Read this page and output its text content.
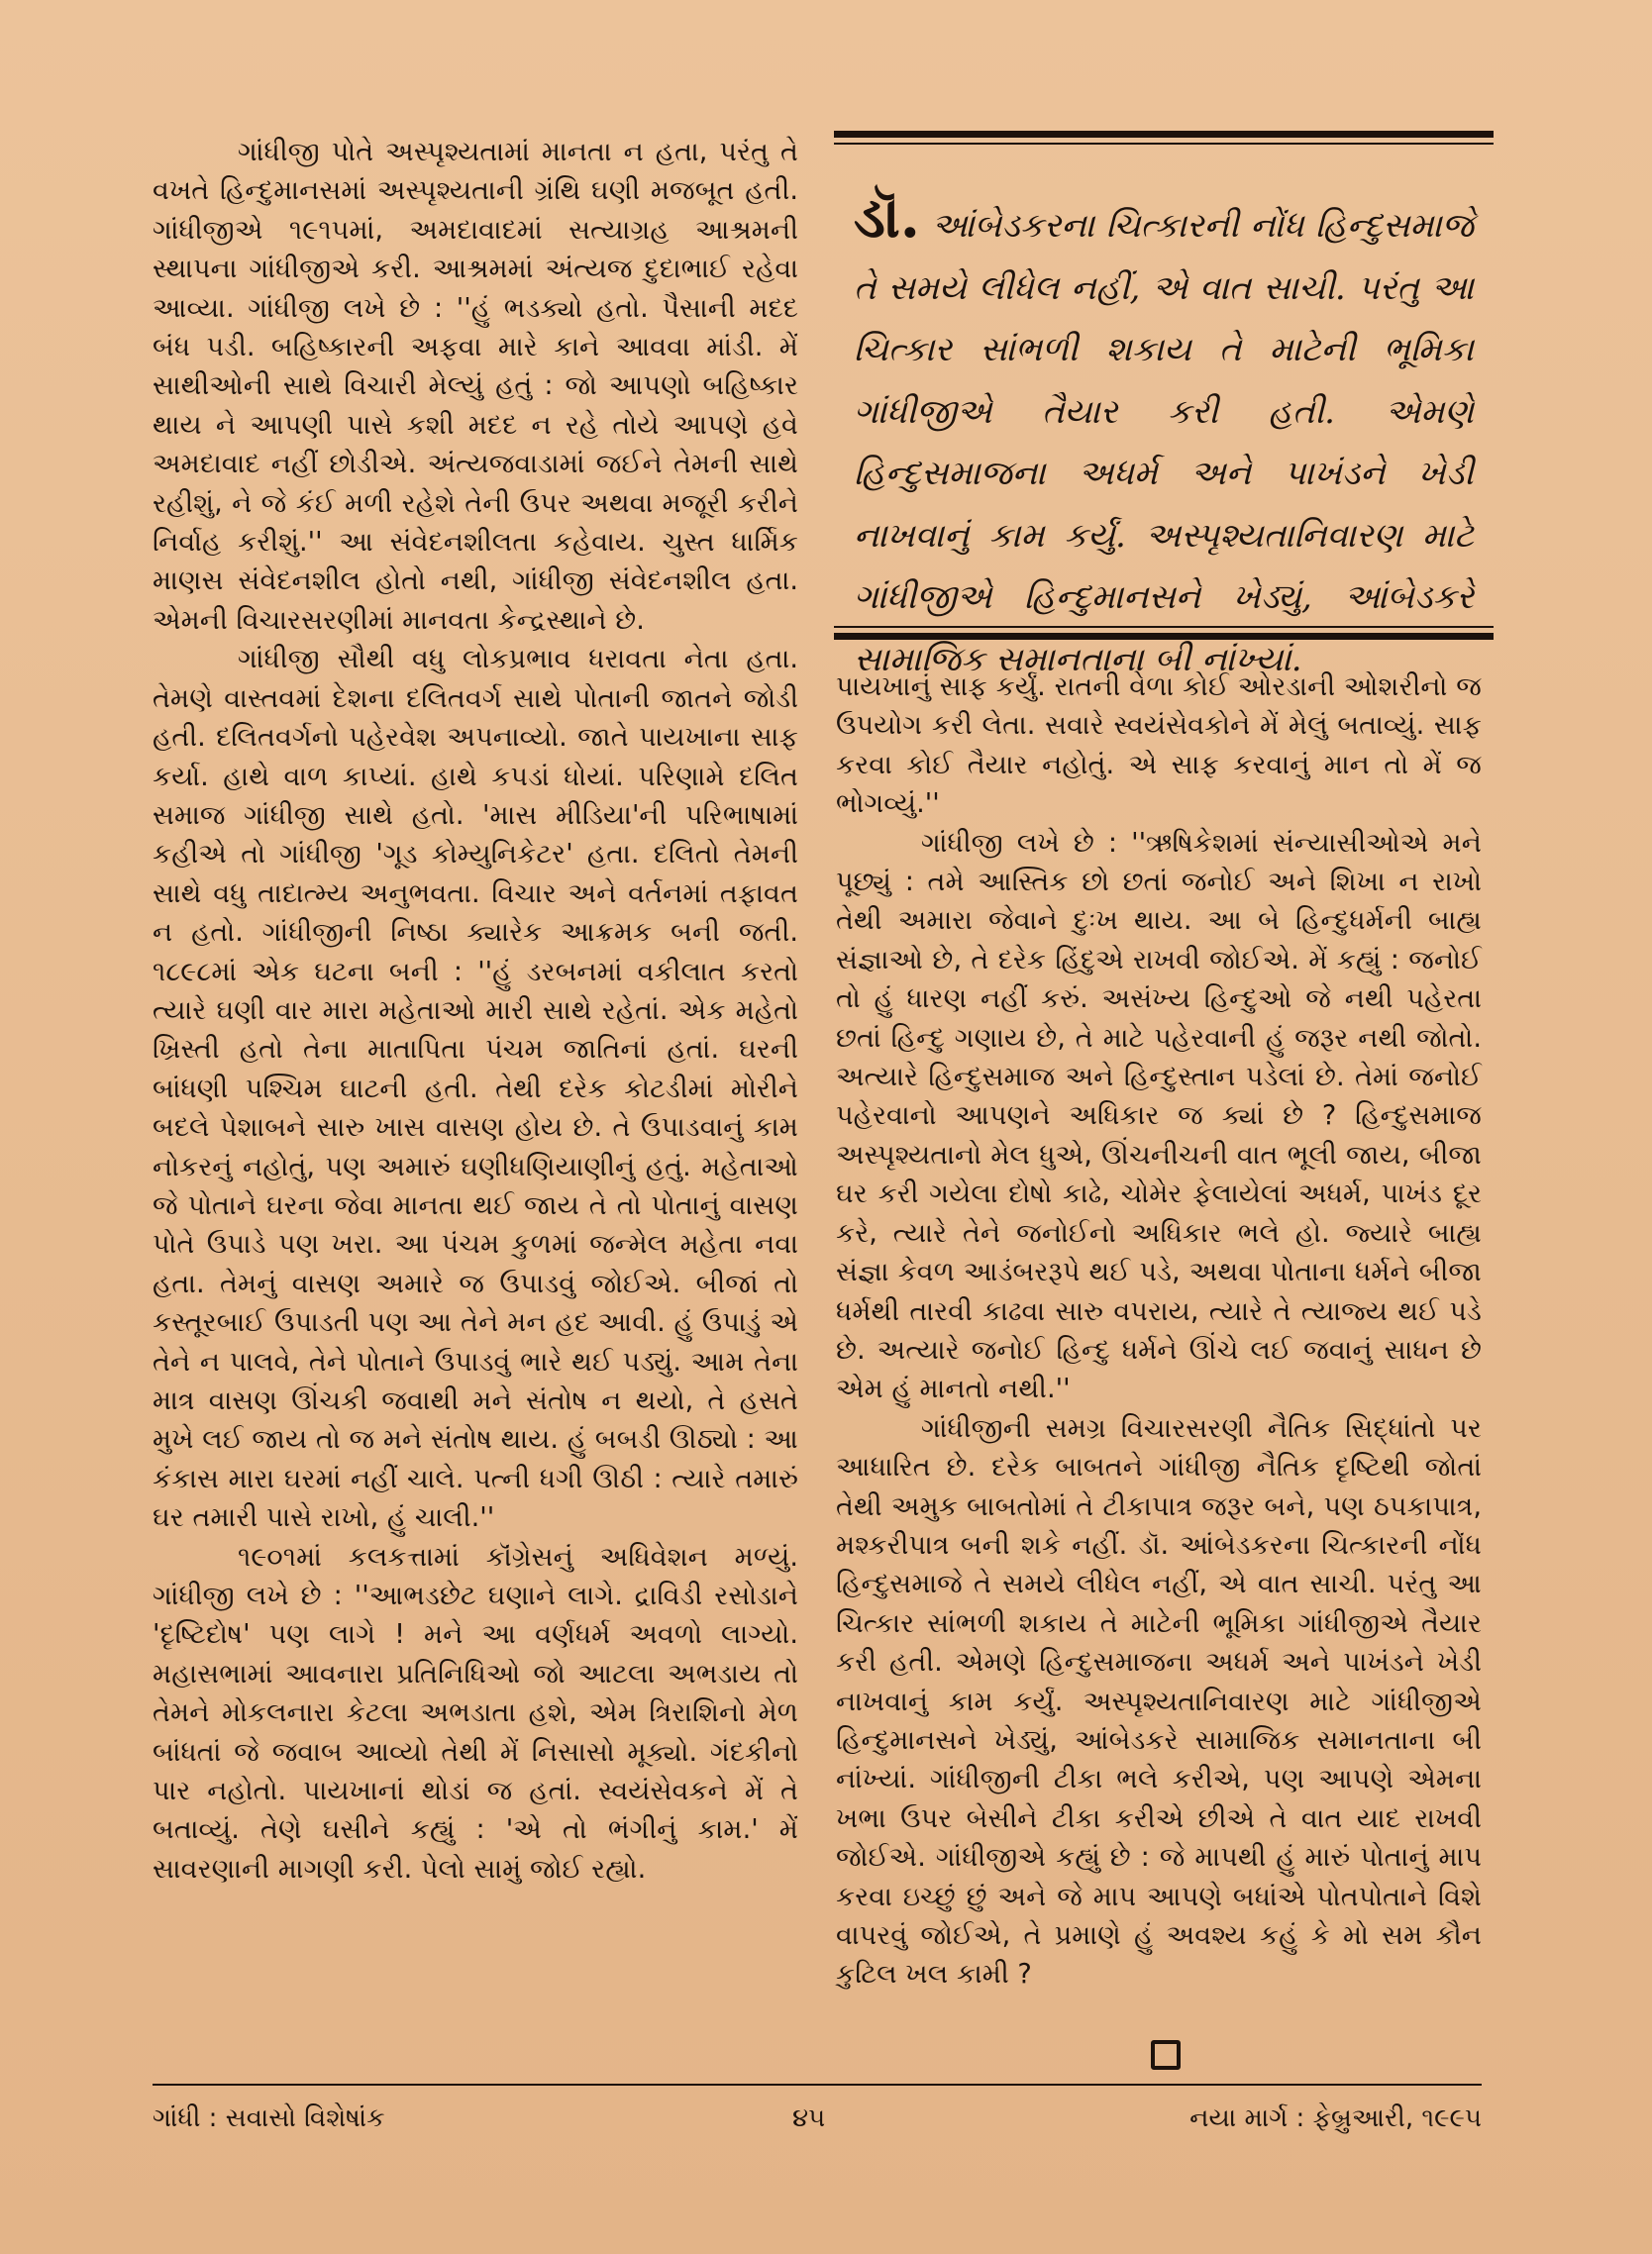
ગાંધીજી પોતે અસ્પૃશ્યતામાં માનતા ન હતા, પરંતુ તે વખતે હિન્દુમાનસમાં અસ્પૃશ્યતાની ગ્રંથિ ઘણી મજબૂત હતી. ગાંધીજીએ ૧૯૧૫માં, અમદાવાદમાં સત્યાગ્રહ આશ્રમની સ્થાપના ગાંધીજીએ કરી. આશ્રમમાં અંત્યજ દુદાભાઈ રહેવા આવ્યા. ગાંધીજી લખે છે : ''હું ભડક્યો હતો. પૈસાની મદદ બંધ પડી. બહિષ્કારની અફવા મારે કાને આવવા માંડી. મેં સાથીઓની સાથે વિચારી મેલ્યું હતું : જો આપણો બહિષ્કાર થાય ને આપણી પાસે કશી મદદ ન રહે તોયે આપણે હવે અમદાવાદ નહીં છોડીએ. અંત્યજવાડામાં જઈને તેમની સાથે રહીશું, ને જે કંઈ મળી રહેશે તેની ઉપર અથવા મજૂરી કરીને નિર્વાહ કરીશું.'' આ સંવેદનશીલતા કહેવાય. ચુસ્ત ધાર્મિક માણસ સંવેદનશીલ હોતો નથી, ગાંધીજી સંવેદનશીલ હતા. એમની વિચારસરણીમાં માનવતા કેન્દ્રસ્થાને છે.

ગાંધીજી સૌથી વધુ લોકપ્રભાવ ધરાવતા નેતા હતા. તેમણે વાસ્તવમાં દેશના દલિતવર્ગ સાથે પોતાની જાતને જોડી હતી. દલિતવર્ગનો પહેરવેશ અપનાવ્યો. જાતે પાયખાના સાફ કર્યા. હાથે વાળ કાપ્યાં. હાથે કપડાં ધોયાં. પરિણામે દલિત સમાજ ગાંધીજી સાથે હતો. 'માસ મીડિયા'ની પરિભાષામાં કહીએ તો ગાંધીજી 'ગૂડ કોમ્યુનિકેટર' હતા. દલિતો તેમની સાથે વધુ તાદાત્મ્ય અનુભવતા. વિચાર અને વર્તનમાં તફાવત ન હતો. ગાંધીજીની નિષ્ઠા ક્યારેક આક્રમક બની જતી. ૧૮૯૮માં એક ઘટના બની : ''હું ડરબનમાં વકીલાત કરતો ત્યારે ઘણી વાર મારા મહેતાઓ મારી સાથે રહેતાં. એક મહેતો ખ્રિસ્તી હતો તેના માતાપિતા પંચમ જાતિનાં હતાં. ઘરની બાંધણી પશ્ચિમ ઘાટની હતી. તેથી દરેક કોટડીમાં મોરીને બદલે પેશાબને સારુ ખાસ વાસણ હોય છે. તે ઉપાડવાનું કામ નોકરનું નહોતું, પણ અમારું ઘણીધણિયાણીનું હતું. મહેતાઓ જે પોતાને ઘરના જેવા માનતા થઈ જાય તે તો પોતાનું વાસણ પોતે ઉપાડે પણ ખરા. આ પંચમ કુળમાં જન્મેલ મહેતા નવા હતા. તેમનું વાસણ અમારે જ ઉપાડવું જોઈએ. બીજાં તો કસ્તૂરબાઈ ઉપાડતી પણ આ તેને મન હદ આવી. હું ઉપાડું એ તેને ન પાલવે, તેને પોતાને ઉપાડવું ભારે થઈ પડ્યું. આમ તેના માત્ર વાસણ ઊંચકી જવાથી મને સંતોષ ન થયો, તે હસતે મુખે લઈ જાય તો જ મને સંતોષ થાય. હું બબડી ઊઠ્યો : આ કંકાસ મારા ઘરમાં નહીં ચાલે. પત્ની ધગી ઊઠી : ત્યારે તમારું ઘર તમારી પાસે રાખો, હું ચાલી.''

૧૯૦૧માં કલકત્તામાં કૉંગ્રેસનું અધિવેશન મળ્યું. ગાંધીજી લખે છે : ''આભડછેટ ઘણાને લાગે. દ્રાવિડી રસોડાને 'દૃષ્ટિદોષ' પણ લાગે ! મને આ વર્ણધર્મ અવળો લાગ્યો. મહાસભામાં આવનારા પ્રતિનિધિઓ જો આટલા અભડાય તો તેમને મોકલનારા કેટલા અભડાતા હશે, એમ ત્રિરાશિનો મેળ બાંધતાં જે જવાબ આવ્યો તેથી મેં નિસાસો મૂક્યો. ગંદકીનો પાર નહોતો. પાયખાનાં થોડાં જ હતાં. સ્વયંસેવકને મેં તે બતાવ્યું. તેણે ઘસીને કહ્યું : 'એ તો ભંગીનું કામ.' મેં સાવરણાની માગણી કરી. પેલો સામું જોઈ રહ્યો.

ડૉ. આંબેડકરના ચિત્કારની નોંધ હિન્દુસમાજે તે સમયે લીધેલ નહીં, એ વાત સાચી. પરંતુ આ ચિત્કાર સાંભળી શકાય તે માટેની ભૂમિકા ગાંધીજીએ તૈયાર કરી હતી. એમણે હિન્દુસમાજના અધર્મ અને પાખંડને ખેડી નાખવાનું કામ કર્યું. અસ્પૃશ્યતાનિવારણ માટે ગાંધીજીએ હિન્દુમાનસને ખેડ્યું, આંબેડકરે સામાજિક સમાનતાના બી નાંખ્યાં.

પાયખાનું સાફ કર્યું. રાતની વેળા કોઈ ઓરડાની ઓશરીનો જ ઉપયોગ કરી લેતા. સવારે સ્વયંસેવકોને મેં મેલું બતાવ્યું. સાફ કરવા કોઈ તૈયાર નહોતું. એ સાફ કરવાનું માન તો મેં જ ભોગવ્યું.''

ગાંધીજી લખે છે : ''ઋષિકેશમાં સંન્યાસીઓએ મને પૂછ્યું : તમે આસ્તિક છો છતાં જનોઈ અને શિખા ન રાખો તેથી અમારા જેવાને દુઃખ થાય. આ બે હિન્દુધર્મની બાહ્ય સંજ્ઞાઓ છે, તે દરેક હિંદુએ રાખવી જોઈએ. મેં કહ્યું : જનોઈ તો હું ધારણ નહીં કરું. અસંખ્ય હિન્દુઓ જે નથી પહેરતા છતાં હિન્દુ ગણાય છે, તે માટે પહેરવાની હું જરૂર નથી જોતો. અત્યારે હિન્દુસમાજ અને હિન્દુસ્તાન પડેલાં છે. તેમાં જનોઈ પહેરવાનો આપણને અધિકાર જ ક્યાં છે ? હિન્દુસમાજ અસ્પૃશ્યતાનો મેલ ધુએ, ઊંચનીચની વાત ભૂલી જાય, બીજા ઘર કરી ગયેલા દોષો કાઢે, ચોમેર ફેલાયેલાં અધર્મ, પાખંડ દૂર કરે, ત્યારે તેને જનોઈનો અધિકાર ભલે હો. જ્યારે બાહ્ય સંજ્ઞા કેવળ આડંબરરૂપે થઈ પડે, અથવા પોતાના ધર્મને બીજા ધર્મથી તારવી કાઢવા સારુ વપરાય, ત્યારે તે ત્યાજ્ય થઈ પડે છે. અત્યારે જનોઈ હિન્દુ ધર્મને ઊંચે લઈ જવાનું સાધન છે એમ હું માનતો નથી.''

ગાંધીજીની સમગ્ર વિચારસરણી નૈતિક સિદ્ધાંતો પર આધારિત છે. દરેક બાબતને ગાંધીજી નૈતિક દૃષ્ટિથી જોતાં તેથી અમુક બાબતોમાં તે ટીકાપાત્ર જરૂર બને, પણ ઠપકાપાત્ર, મશ્કરીપાત્ર બની શકે નહીં. ડૉ. આંબેડકરના ચિત્કારની નોંધ હિન્દુસમાજે તે સમયે લીધેલ નહીં, એ વાત સાચી. પરંતુ આ ચિત્કાર સાંભળી શકાય તે માટેની ભૂમિકા ગાંધીજીએ તૈયાર કરી હતી. એમણે હિન્દુસમાજના અધર્મ અને પાખંડને ખેડી નાખવાનું કામ કર્યું. અસ્પૃશ્યતાનિવારણ માટે ગાંધીજીએ હિન્દુમાનસને ખેડ્યું, આંબેડકરે સામાજિક સમાનતાના બી નાંખ્યાં. ગાંધીજીની ટીકા ભલે કરીએ, પણ આપણે એમના ખભા ઉપર બેસીને ટીકા કરીએ છીએ તે વાત યાદ રાખવી જોઈએ. ગાંધીજીએ કહ્યું છે : જે માપથી હું મારું પોતાનું માપ કરવા ઇચ્છું છું અને જે માપ આપણે બધાંએ પોતપોતાને વિશે વાપરવું જોઈએ, તે પ્રમાણે હું અવશ્ય કહું કે મો સમ કૌન કુટિલ ખલ કામી ?

ગાંધી : સવાસો વિશેષાંક	૪૫	નયા માર્ગ : ફેબ્રુઆરી, ૧૯૯૫
